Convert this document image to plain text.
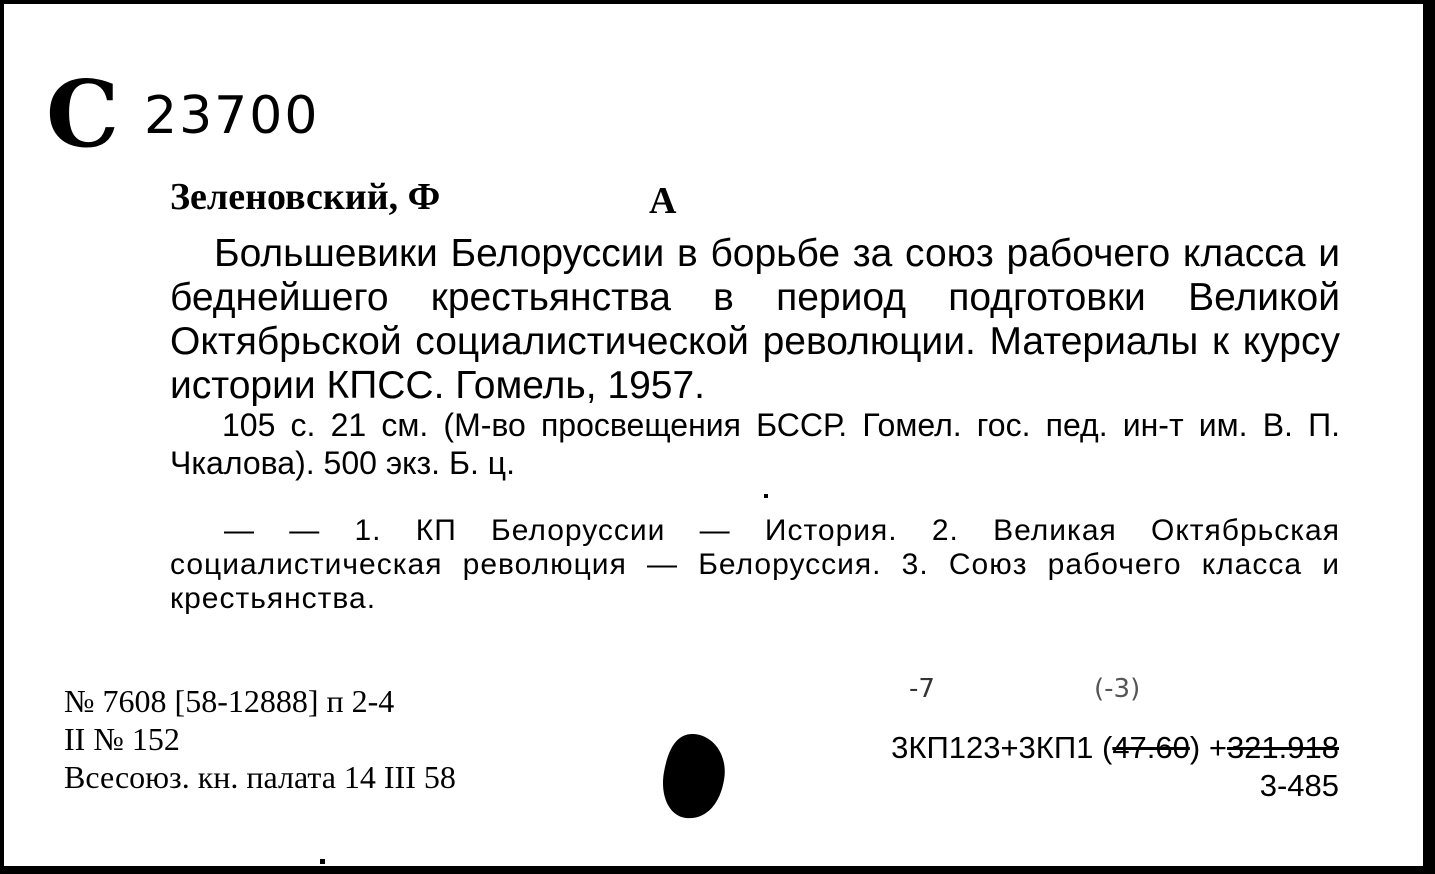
С 23700
Зеленовский, Ф	А

Большевики Белоруссии в борьбе за союз рабочего класса и беднейшего крестьянства в период подготовки Великой Октябрьской социалистической революции. Материалы к курсу истории КПСС. Гомель, 1957.

105 с. 21 см. (М-во просвещения БССР. Гомел. гос. пед. ин-т им. В. П. Чкалова). 500 экз. Б. ц.

— — 1. КП Белоруссии — История. 2. Великая Октябрьская социалистическая революция — Белоруссия. 3. Союз рабочего класса и крестьянства.

№ 7608 [58-12888] п 2-4
II № 152
Всесоюз. кн. палата 14 III 58
-7	(-3)
3КП123+3КП1 (47.60) +321.918
3-485
